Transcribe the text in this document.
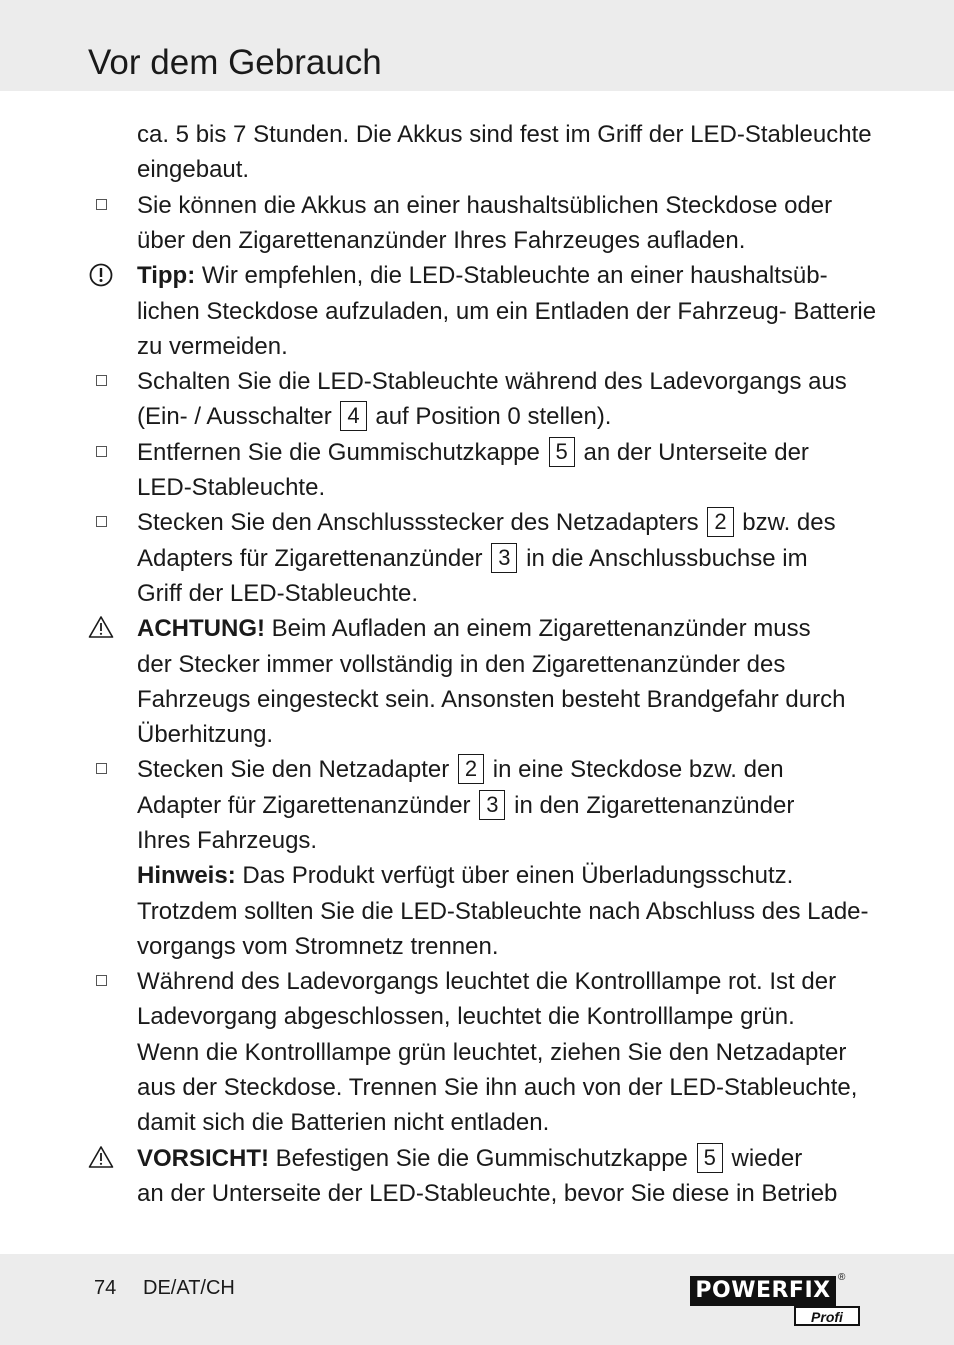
Vor dem Gebrauch
ca. 5 bis 7 Stunden. Die Akkus sind fest im Griff der LED-Stableuchte
eingebaut.
Sie können die Akkus an einer haushaltsüblichen Steckdose oder
über den Zigarettenanzünder Ihres Fahrzeuges aufladen.
Tipp: Wir empfehlen, die LED-Stableuchte an einer haushaltsüb-
lichen Steckdose aufzuladen, um ein Entladen der Fahrzeug- Batterie
zu vermeiden.
Schalten Sie die LED-Stableuchte während des Ladevorgangs aus
(Ein- / Ausschalter 4 auf Position 0 stellen).
Entfernen Sie die Gummischutzkappe 5 an der Unterseite der
LED-Stableuchte.
Stecken Sie den Anschlussstecker des Netzadapters 2 bzw. des
Adapters für Zigarettenanzünder 3 in die Anschlussbuchse im
Griff der LED-Stableuchte.
ACHTUNG! Beim Aufladen an einem Zigarettenanzünder muss
der Stecker immer vollständig in den Zigarettenanzünder des
Fahrzeugs eingesteckt sein. Ansonsten besteht Brandgefahr durch
Überhitzung.
Stecken Sie den Netzadapter 2 in eine Steckdose bzw. den
Adapter für Zigarettenanzünder 3 in den Zigarettenanzünder
Ihres Fahrzeugs.
Hinweis: Das Produkt verfügt über einen Überladungsschutz.
Trotzdem sollten Sie die LED-Stableuchte nach Abschluss des Lade-
vorgangs vom Stromnetz trennen.
Während des Ladevorgangs leuchtet die Kontrolllampe rot. Ist der
Ladevorgang abgeschlossen, leuchtet die Kontrolllampe grün.
Wenn die Kontrolllampe grün leuchtet, ziehen Sie den Netzadapter
aus der Steckdose. Trennen Sie ihn auch von der LED-Stableuchte,
damit sich die Batterien nicht entladen.
VORSICHT! Befestigen Sie die Gummischutzkappe 5 wieder
an der Unterseite der LED-Stableuchte, bevor Sie diese in Betrieb
74 DE/AT/CH	POWERFIX
®
Profi
